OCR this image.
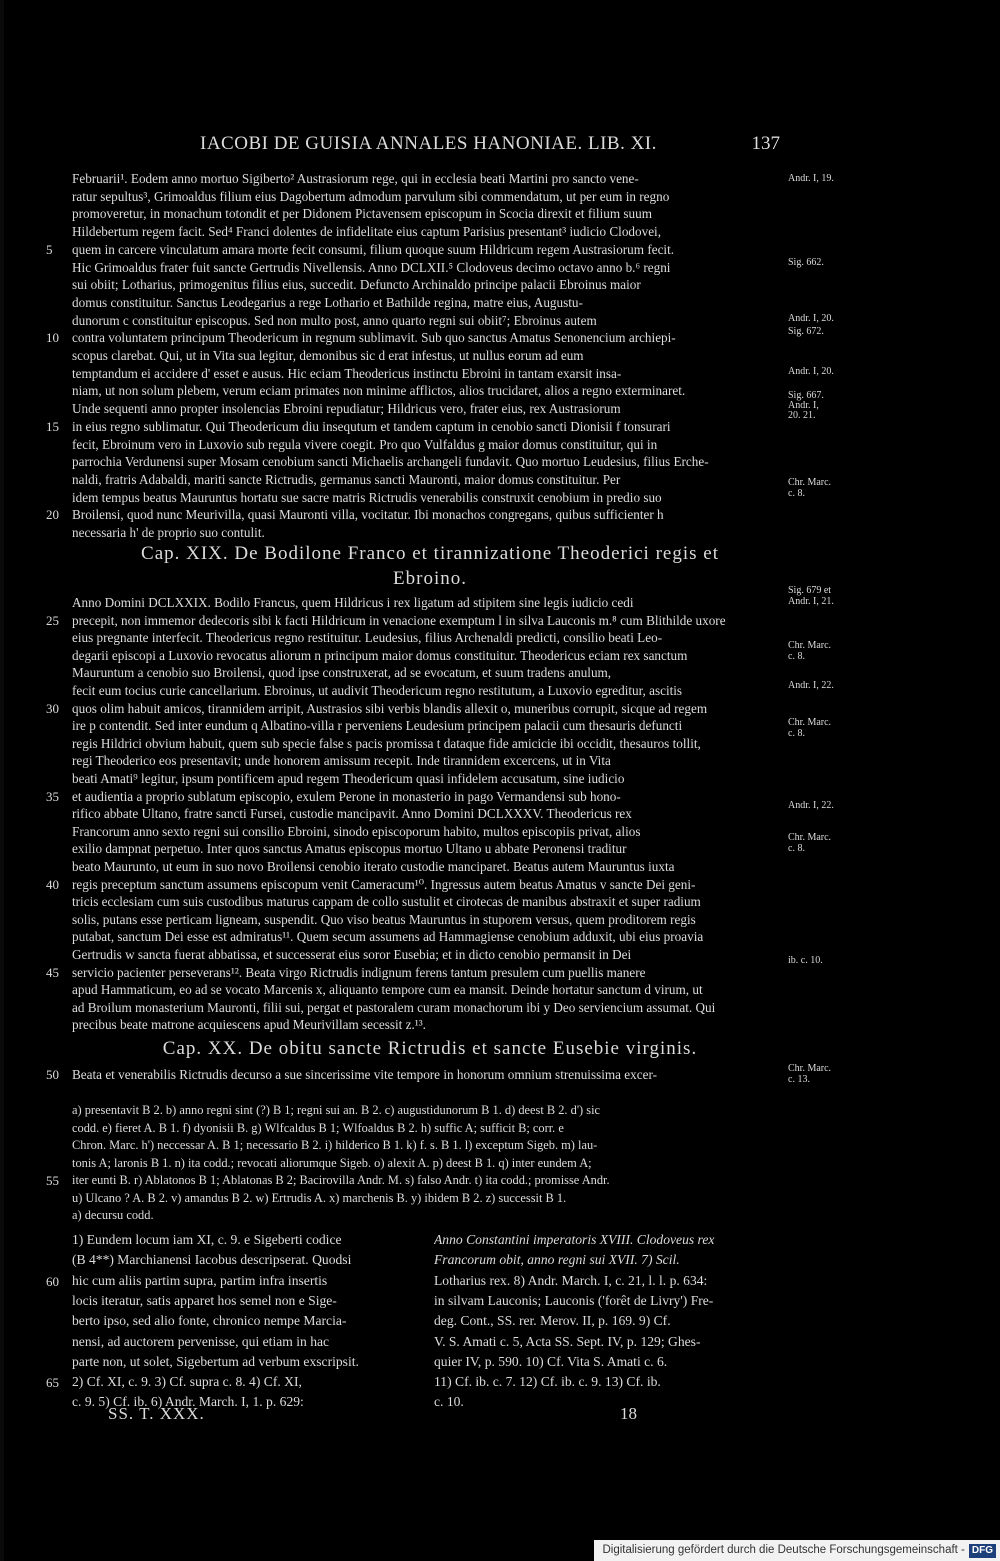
IACOBI DE GUISIA ANNALES HANONIAE. LIB. XI.	137
Februarii¹. Eodem anno mortuo Sigiberto² Austrasiorum rege, qui in ecclesia beati Martini pro sancto vene-
ratur sepultus³, Grimoaldus filium eius Dagobertum admodum parvulum sibi commendatum, ut per eum in regno
promoveretur, in monachum totondit et per Didonem Pictavensem episcopum in Scocia direxit et filium suum
Hildebertum regem facit. Sed⁴ Franci dolentes de infidelitate eius captum Parisius presentant³ iudicio Clodovei,
5	quem in carcere vinculatum amara morte fecit consumi, filium quoque suum Hildricum regem Austrasiorum fecit.
Hic Grimoaldus frater fuit sancte Gertrudis Nivellensis. Anno DCLXII.⁵ Clodoveus decimo octavo anno b.⁶ regni
sui obiit; Lotharius, primogenitus filius eius, succedit. Defuncto Archinaldo principe palacii Ebroinus maior
domus constituitur. Sanctus Leodegarius a rege Lothario et Bathilde regina, matre eius, Augustu-
dunorum c constituitur episcopus. Sed non multo post, anno quarto regni sui obiit⁷; Ebroinus autem
10 contra voluntatem principum Theodericum in regnum sublimavit. Sub quo sanctus Amatus Senonencium archiepi-
scopus clarebat. Qui, ut in Vita sua legitur, demonibus sic d erat infestus, ut nullus eorum ad eum
temptandum ei accidere d' esset e ausus. Hic eciam Theodericus instinctu Ebroini in tantam exarsit insa-
niam, ut non solum plebem, verum eciam primates non minime afflictos, alios trucidaret, alios a regno exterminaret.
Unde sequenti anno propter insolencias Ebroini repudiatur; Hildricus vero, frater eius, rex Austrasiorum
15 in eius regno sublimatur. Qui Theodericum diu insequtum et tandem captum in cenobio sancti Dionisii f tonsurari
fecit, Ebroinum vero in Luxovio sub regula vivere coegit. Pro quo Vulfaldus g maior domus constituitur, qui in
parrochia Verdunensi super Mosam cenobium sancti Michaelis archangeli fundavit. Quo mortuo Leudesius, filius Erche-
naldi, fratris Adabaldi, mariti sancte Rictrudis, germanus sancti Mauronti, maior domus constituitur. Per
idem tempus beatus Mauruntus hortatu sue sacre matris Rictrudis venerabilis construxit cenobium in predio suo
20 Broilensi, quod nunc Meurivilla, quasi Mauronti villa, vocitatur. Ibi monachos congregans, quibus sufficienter h
necessaria h' de proprio suo contulit.
Cap. XIX. De Bodilone Franco et tirannizatione Theoderici regis et
Ebroino.
Anno Domini DCLXXIX. Bodilo Francus, quem Hildricus i rex ligatum ad stipitem sine legis iudicio cedi
25 precepit, non immemor dedecoris sibi k facti Hildricum in venacione exemptum l in silva Lauconis m.⁸ cum Blithilde uxore
eius pregnante interfecit. Theodericus regno restituitur. Leudesius, filius Archenaldi predicti, consilio beati Leo-
degarii episcopi a Luxovio revocatus aliorum n principum maior domus constituitur. Theodericus eciam rex sanctum
Mauruntum a cenobio suo Broilensi, quod ipse construxerat, ad se evocatum, et suum tradens anulum,
fecit eum tocius curie cancellarium. Ebroinus, ut audivit Theodericum regno restitutum, a Luxovio egreditur, ascitis
30 quos olim habuit amicos, tirannidem arripit, Austrasios sibi verbis blandis allexit o, muneribus corrupit, sicque ad regem
ire p contendit. Sed inter eundum q Albatino-villa r perveniens Leudesium principem palacii cum thesauris defuncti
regis Hildrici obvium habuit, quem sub specie false s pacis promissa t dataque fide amicicie ibi occidit, thesauros tollit,
regi Theoderico eos presentavit; unde honorem amissum recepit. Inde tirannidem excercens, ut in Vita
beati Amati⁹ legitur, ipsum pontificem apud regem Theodericum quasi infidelem accusatum, sine iudicio
35 et audientia a proprio sublatum episcopio, exulem Perone in monasterio in pago Vermandensi sub hono-
rifico abbate Ultano, fratre sancti Fursei, custodie mancipavit. Anno Domini DCLXXXV. Theodericus rex
Francorum anno sexto regni sui consilio Ebroini, sinodo episcoporum habito, multos episcopiis privat, alios
exilio dampnat perpetuo. Inter quos sanctus Amatus episcopus mortuo Ultano u abbate Peronensi traditur
beato Mauruntо, ut eum in suo novo Broilensi cenobio iterato custodie manciparet. Beatus autem Mauruntus iuxta
40 regis preceptum sanctum assumens episcopum venit Cameracum¹⁰. Ingressus autem beatus Amatus v sancte Dei geni-
tricis ecclesiam cum suis custodibus maturus cappam de collo sustulit et cirotecas de manibus abstraxit et super radium
solis, putans esse perticam ligneam, suspendit. Quo viso beatus Mauruntus in stuporem versus, quem proditorem regis
putabat, sanctum Dei esse est admiratus¹¹. Quem secum assumens ad Hammagiense cenobium adduxit, ubi eius proavia
Gertrudis w sancta fuerat abbatissa, et successerat eius soror Eusebia; et in dicto cenobio permansit in Dei
45 servicio pacienter perseverans¹². Beata virgo Rictrudis indignum ferens tantum presulem cum puellis manere
apud Hammaticum, eo ad se vocato Marcenis x, aliquanto tempore cum ea mansit. Deinde hortatur sanctum d virum, ut
ad Broilum monasterium Mauronti, filii sui, pergat et pastoralem curam monachorum ibi y Deo serviencium assumat. Qui
precibus beate matrone acquiescens apud Meurivillam secessit z.¹³.
Cap. XX. De obitu sancte Rictrudis et sancte Eusebie virginis.
50 Beata et venerabilis Rictrudis decurso a sue sincerissime vite tempore in honorum omnium strenuissima excer-
Andr. I, 19.
Sig. 662.
Andr. I, 20.
Sig. 672.
Andr. I, 20.
Sig. 667.
Andr. I,
20. 21.
Chr. Marc.
c. 8.
Sig. 679 et
Andr. I, 21.
Chr. Marc.
c. 8.
Andr. I, 22.
Chr. Marc.
c. 8.
Andr. I, 22.
Chr. Marc.
c. 8.
ib. c. 10.
Chr. Marc.
c. 13.
a) presentavit B 2. b) anno regni sint (?) B 1; regni sui an. B 2. c) augustidunorum B 1. d) deest B 2. d') sic
codd. e) fieret A. B 1. f) dyonisii B. g) Wlfcaldus B 1; Wlfoaldus B 2. h) suffic A; sufficit B; corr. e
Chron. Marc. h') neccessar A. B 1; necessario B 2. i) hilderico B 1. k) f. s. B 1. l) exceptum Sigeb. m) lau-
tonis A; laronis B 1. n) ita codd.; revocati aliorumque Sigeb. o) alexit A. p) deest B 1. q) inter eundem A;
55	iter eunti B. r) Ablatonos B 1; Ablatonas B 2; Bacirovilla Andr. M. s) falso Andr. t) ita codd.; promisse Andr.
u) Ulcano ? A. B 2. v) amandus B 2. w) Ertrudis A. x) marchenis B. y) ibidem B 2. z) successit B 1.
a) decursu codd.
1) Eundem locum iam XI, c. 9. e Sigeberti codice
(B 4**) Marchianensi Iacobus descripserat. Quodsi
60 hic cum aliis partim supra, partim infra insertis
locis iteratur, satis apparet hos semel non e Sige-
berto ipso, sed alio fonte, chronico nempe Marcia-
nensi, ad auctorem pervenisse, qui etiam in hac
parte non, ut solet, Sigebertum ad verbum exscripsit.
65 2) Cf. XI, c. 9. 3) Cf. supra c. 8. 4) Cf. XI,
c. 9. 5) Cf. ib. 6) Andr. March. I, 1. p. 629:
Anno Constantini imperatoris XVIII. Clodoveus rex
Francorum obit, anno regni sui XVII. 7) Scil.
Lotharius rex. 8) Andr. March. I, c. 21, l. l. p. 634:
in silvam Lauconis; Lauconis ('forêt de Livry') Fre-
deg. Cont., SS. rer. Merov. II, p. 169. 9) Cf.
V. S. Amati c. 5, Acta SS. Sept. IV, p. 129; Ghes-
quier IV, p. 590. 10) Cf. Vita S. Amati c. 6.
11) Cf. ib. c. 7. 12) Cf. ib. c. 9. 13) Cf. ib.
c. 10.
SS. T. XXX.	18
Digitalisierung gefördert durch die Deutsche Forschungsgemeinschaft - DFG
